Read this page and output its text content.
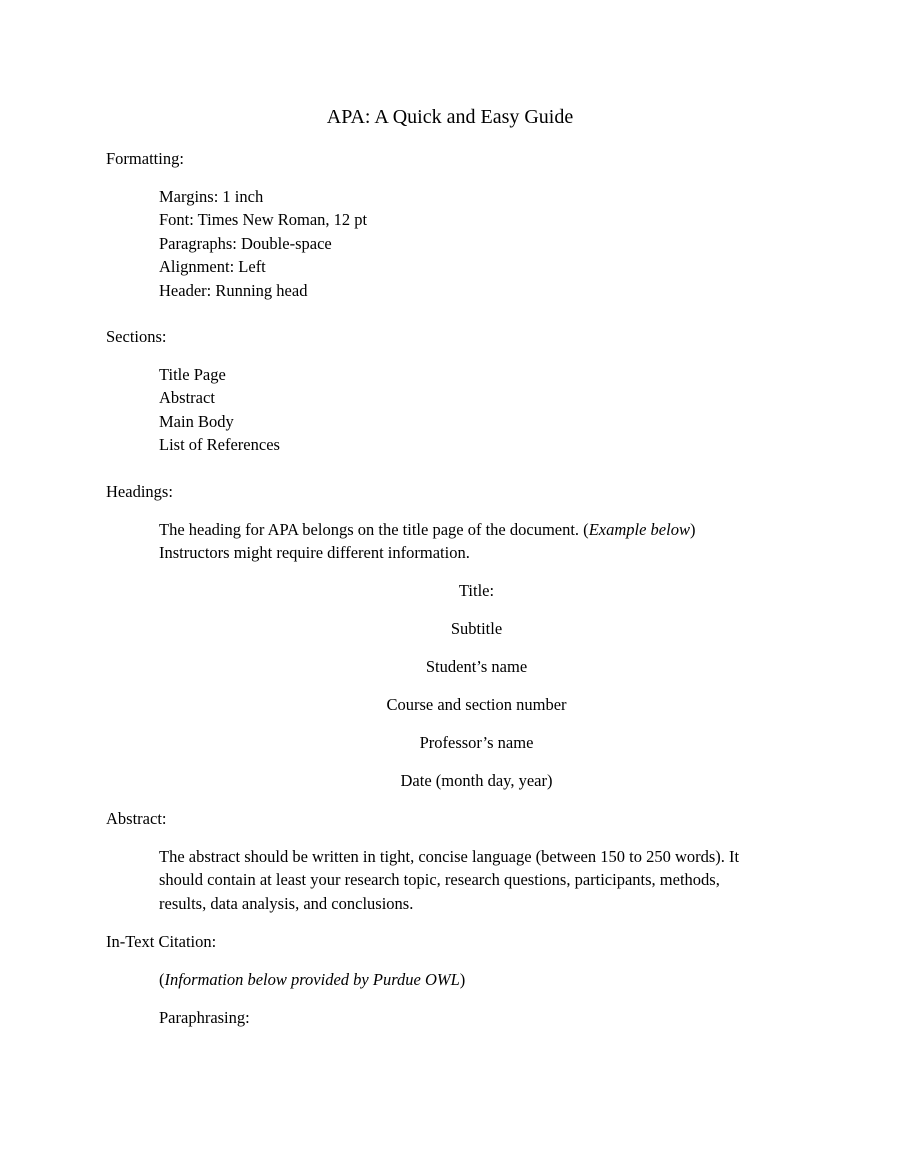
APA: A Quick and Easy Guide
Formatting:
Margins: 1 inch
Font: Times New Roman, 12 pt
Paragraphs: Double-space
Alignment: Left
Header: Running head
Sections:
Title Page
Abstract
Main Body
List of References
Headings:
The heading for APA belongs on the title page of the document. (Example below)
Instructors might require different information.
Title:
Subtitle
Student’s name
Course and section number
Professor’s name
Date (month day, year)
Abstract:
The abstract should be written in tight, concise language (between 150 to 250 words). It
should contain at least your research topic, research questions, participants, methods,
results, data analysis, and conclusions.
In-Text Citation:
(Information below provided by Purdue OWL)
Paraphrasing:
